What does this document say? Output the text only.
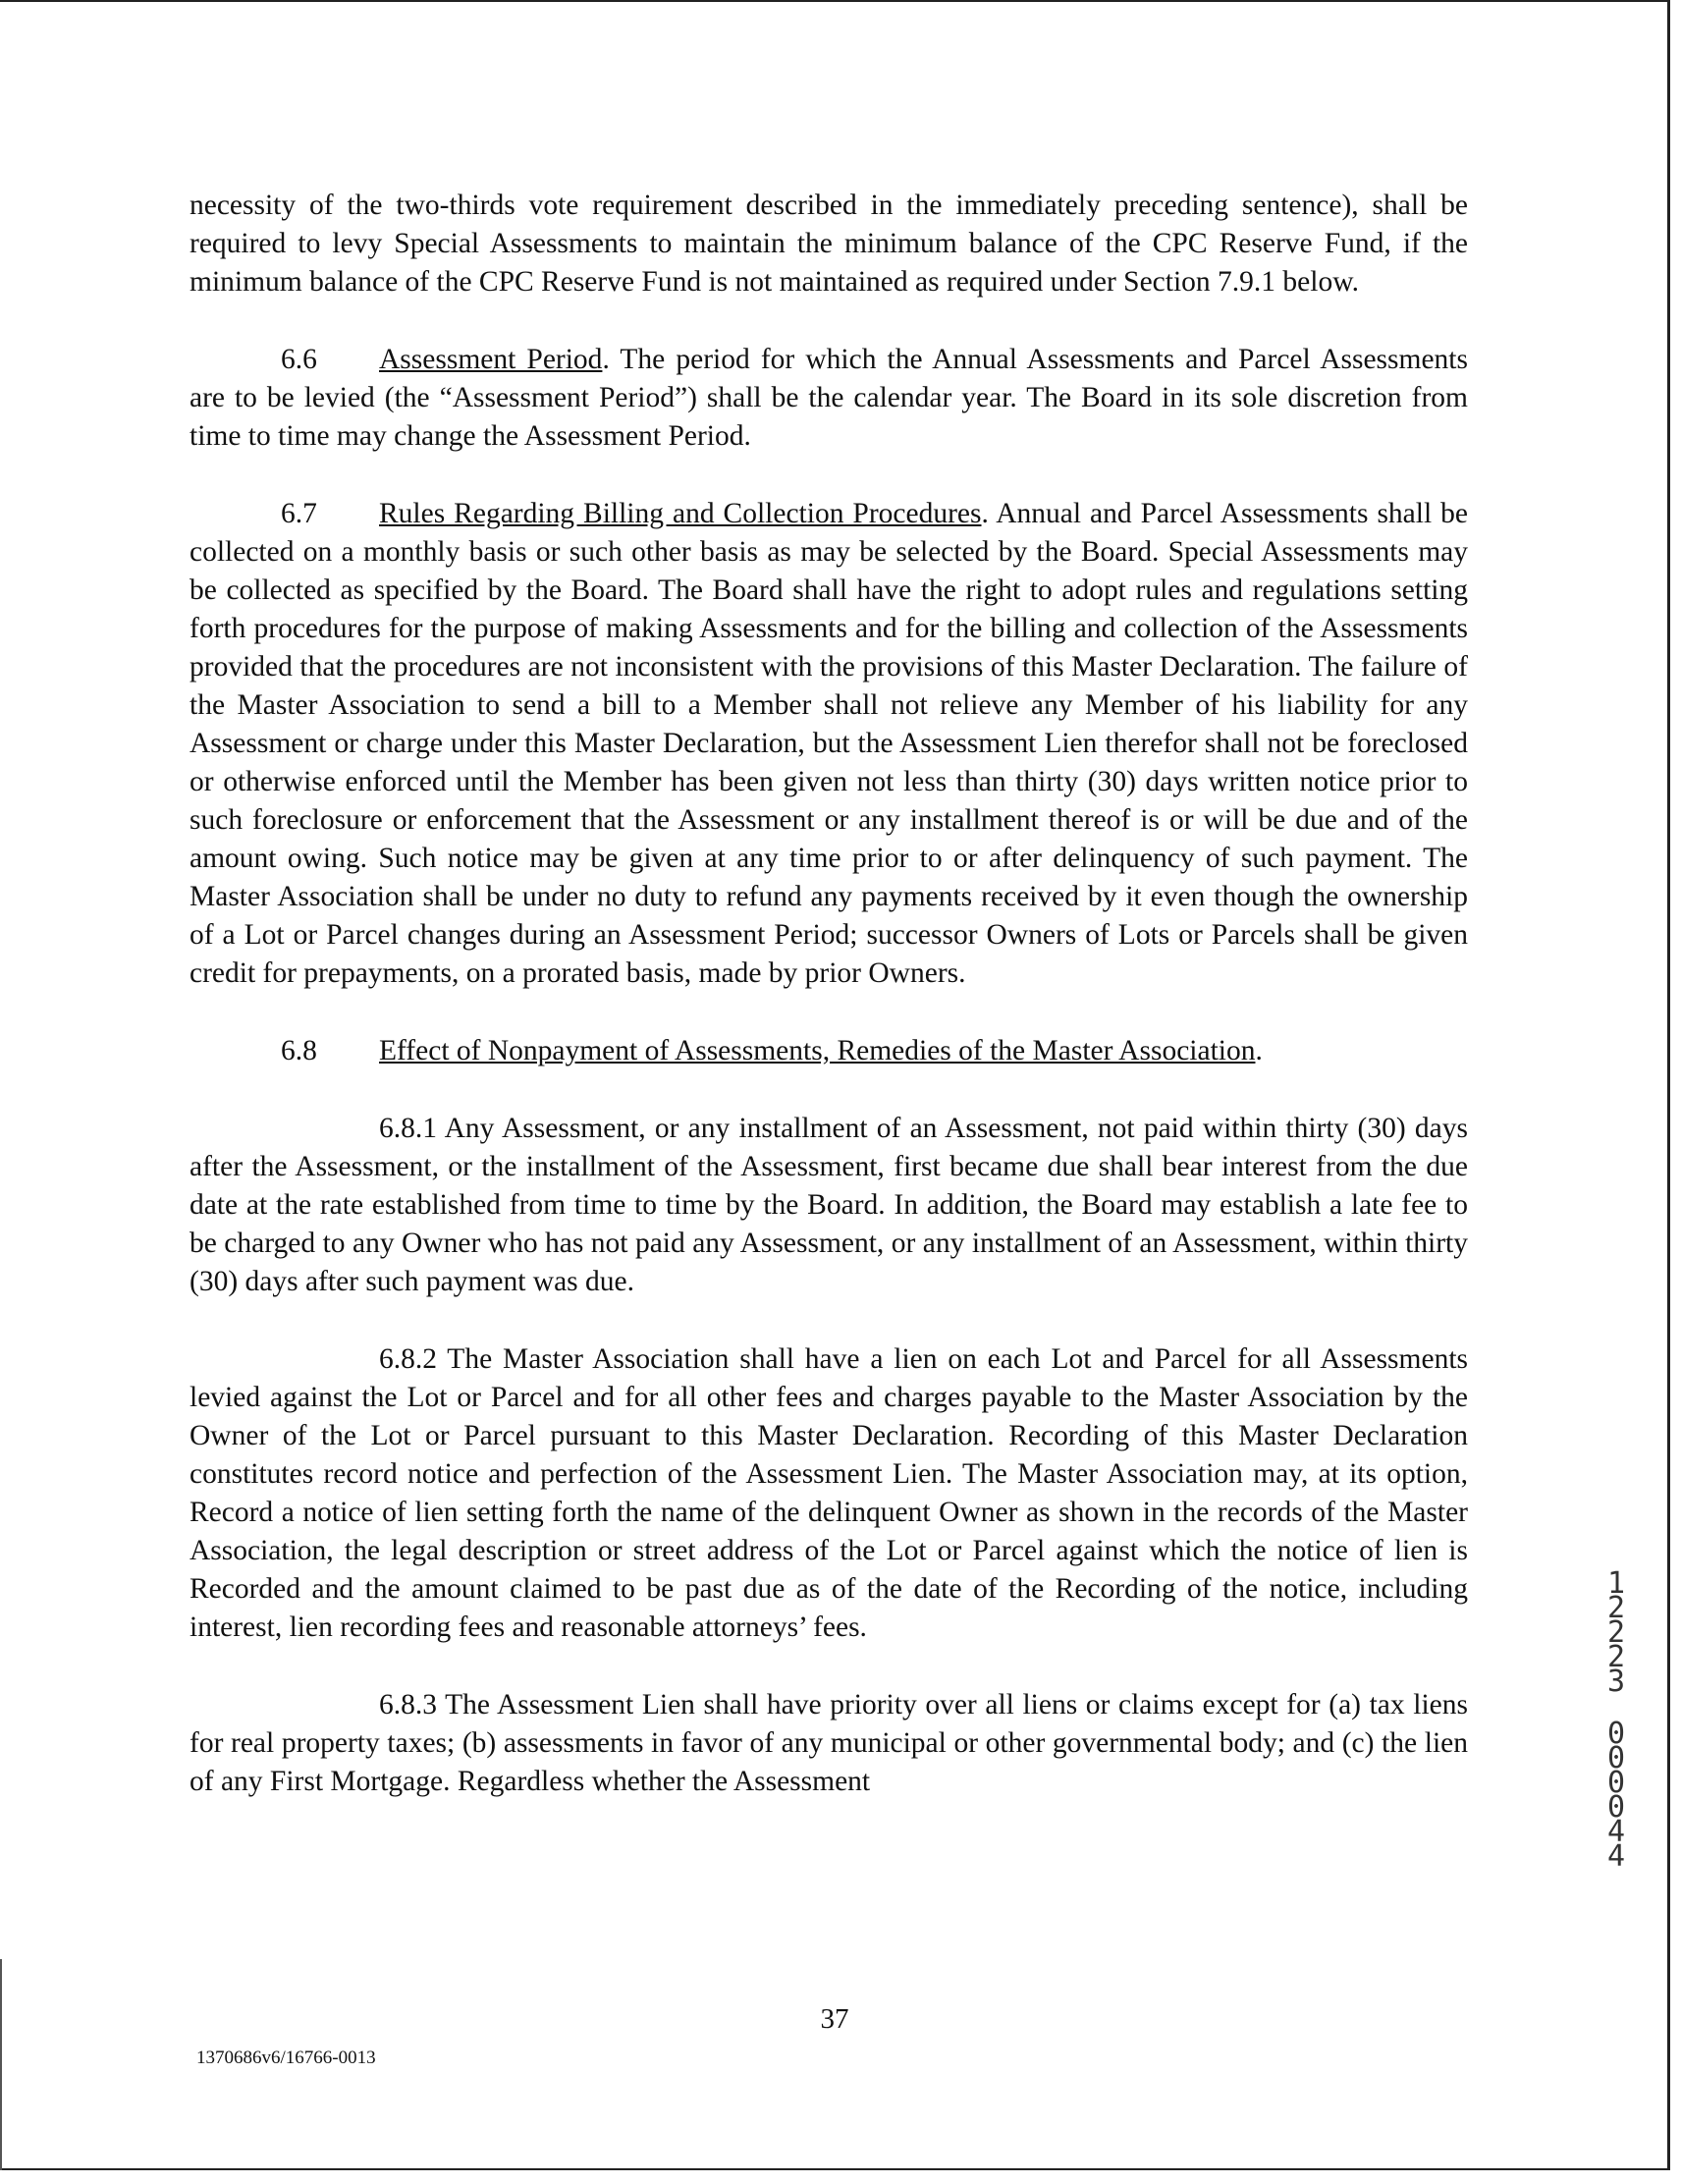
necessity of the two-thirds vote requirement described in the immediately preceding sentence), shall be required to levy Special Assessments to maintain the minimum balance of the CPC Reserve Fund, if the minimum balance of the CPC Reserve Fund is not maintained as required under Section 7.9.1 below.

6.6 Assessment Period. The period for which the Annual Assessments and Parcel Assessments are to be levied (the “Assessment Period”) shall be the calendar year. The Board in its sole discretion from time to time may change the Assessment Period.

6.7 Rules Regarding Billing and Collection Procedures. Annual and Parcel Assessments shall be collected on a monthly basis or such other basis as may be selected by the Board. Special Assessments may be collected as specified by the Board. The Board shall have the right to adopt rules and regulations setting forth procedures for the purpose of making Assessments and for the billing and collection of the Assessments provided that the procedures are not inconsistent with the provisions of this Master Declaration. The failure of the Master Association to send a bill to a Member shall not relieve any Member of his liability for any Assessment or charge under this Master Declaration, but the Assessment Lien therefor shall not be foreclosed or otherwise enforced until the Member has been given not less than thirty (30) days written notice prior to such foreclosure or enforcement that the Assessment or any installment thereof is or will be due and of the amount owing. Such notice may be given at any time prior to or after delinquency of such payment. The Master Association shall be under no duty to refund any payments received by it even though the ownership of a Lot or Parcel changes during an Assessment Period; successor Owners of Lots or Parcels shall be given credit for prepayments, on a prorated basis, made by prior Owners.

6.8 Effect of Nonpayment of Assessments, Remedies of the Master Association.

6.8.1 Any Assessment, or any installment of an Assessment, not paid within thirty (30) days after the Assessment, or the installment of the Assessment, first became due shall bear interest from the due date at the rate established from time to time by the Board. In addition, the Board may establish a late fee to be charged to any Owner who has not paid any Assessment, or any installment of an Assessment, within thirty (30) days after such payment was due.

6.8.2 The Master Association shall have a lien on each Lot and Parcel for all Assessments levied against the Lot or Parcel and for all other fees and charges payable to the Master Association by the Owner of the Lot or Parcel pursuant to this Master Declaration. Recording of this Master Declaration constitutes record notice and perfection of the Assessment Lien. The Master Association may, at its option, Record a notice of lien setting forth the name of the delinquent Owner as shown in the records of the Master Association, the legal description or street address of the Lot or Parcel against which the notice of lien is Recorded and the amount claimed to be past due as of the date of the Recording of the notice, including interest, lien recording fees and reasonable attorneys’ fees.

6.8.3 The Assessment Lien shall have priority over all liens or claims except for (a) tax liens for real property taxes; (b) assessments in favor of any municipal or other governmental body; and (c) the lien of any First Mortgage. Regardless whether the Assessment

37
1370686v6/16766-0013
1
2
2
2
3
0
0
0
0
4
4
